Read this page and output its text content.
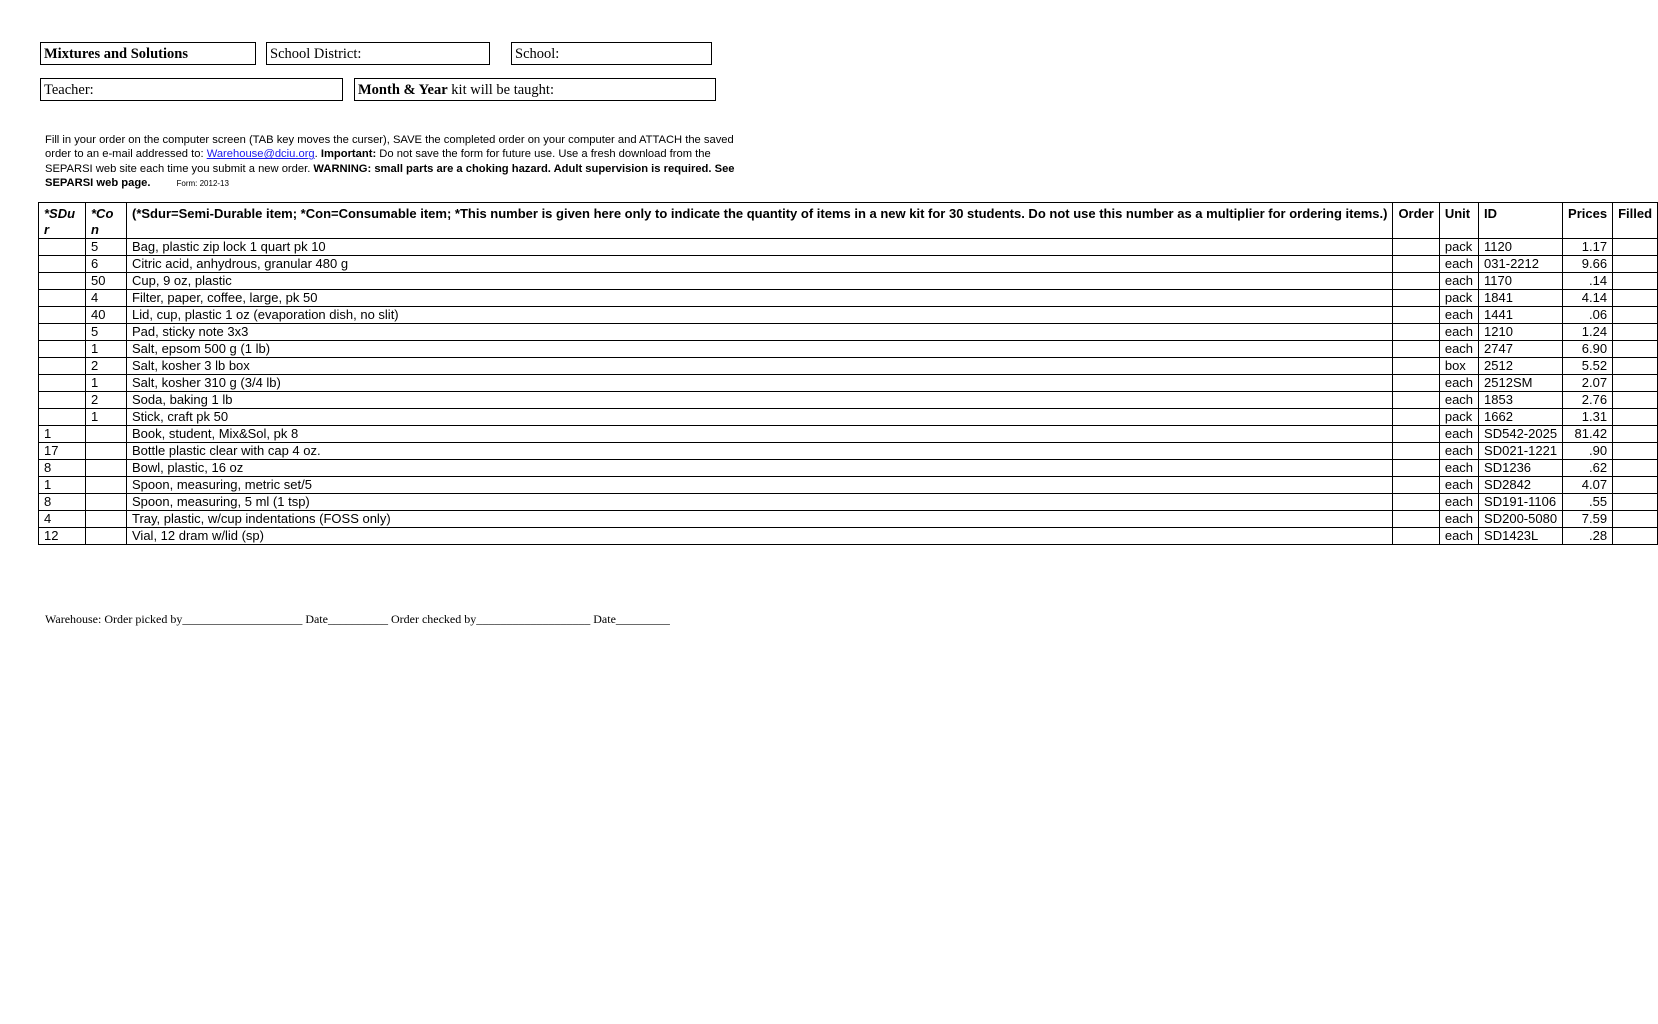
Mixtures and Solutions	School District:	School:
Teacher:	Month & Year kit will be taught:
Fill in your order on the computer screen (TAB key moves the curser), SAVE the completed order on your computer and ATTACH the saved order to an e-mail addressed to: Warehouse@dciu.org. Important: Do not save the form for future use. Use a fresh download from the SEPARSI web site each time you submit a new order. WARNING: small parts are a choking hazard. Adult supervision is required. See SEPARSI web page.	Form: 2012-13
*SDur	*Con	(*Sdur=Semi-Durable item; *Con=Consumable item; *This number is given here only to indicate the quantity of items in a new kit for 30 students. Do not use this number as a multiplier for ordering items.)	Order	Unit	ID	Prices	Filled
	5	Bag, plastic zip lock 1 quart pk 10		pack	1120	1.17	
	6	Citric acid, anhydrous, granular 480 g		each	031-2212	9.66	
	50	Cup, 9 oz, plastic		each	1170	.14	
	4	Filter, paper, coffee, large, pk 50		pack	1841	4.14	
	40	Lid, cup, plastic 1 oz (evaporation dish, no slit)		each	1441	.06	
	5	Pad, sticky note 3x3		each	1210	1.24	
	1	Salt, epsom 500 g (1 lb)		each	2747	6.90	
	2	Salt, kosher 3 lb box		box	2512	5.52	
	1	Salt, kosher 310 g (3/4 lb)		each	2512SM	2.07	
	2	Soda, baking 1 lb		each	1853	2.76	
	1	Stick, craft pk 50		pack	1662	1.31	
1		Book, student, Mix&Sol, pk 8		each	SD542-2025	81.42	
17		Bottle plastic clear with cap 4 oz.		each	SD021-1221	.90	
8		Bowl, plastic, 16 oz		each	SD1236	.62	
1		Spoon, measuring, metric set/5		each	SD2842	4.07	
8		Spoon, measuring, 5 ml (1 tsp)		each	SD191-1106	.55	
4		Tray, plastic, w/cup indentations (FOSS only)		each	SD200-5080	7.59	
12		Vial, 12 dram w/lid (sp)		each	SD1423L	.28	
Warehouse: Order picked by____________________ Date__________ Order checked by___________________ Date_________
